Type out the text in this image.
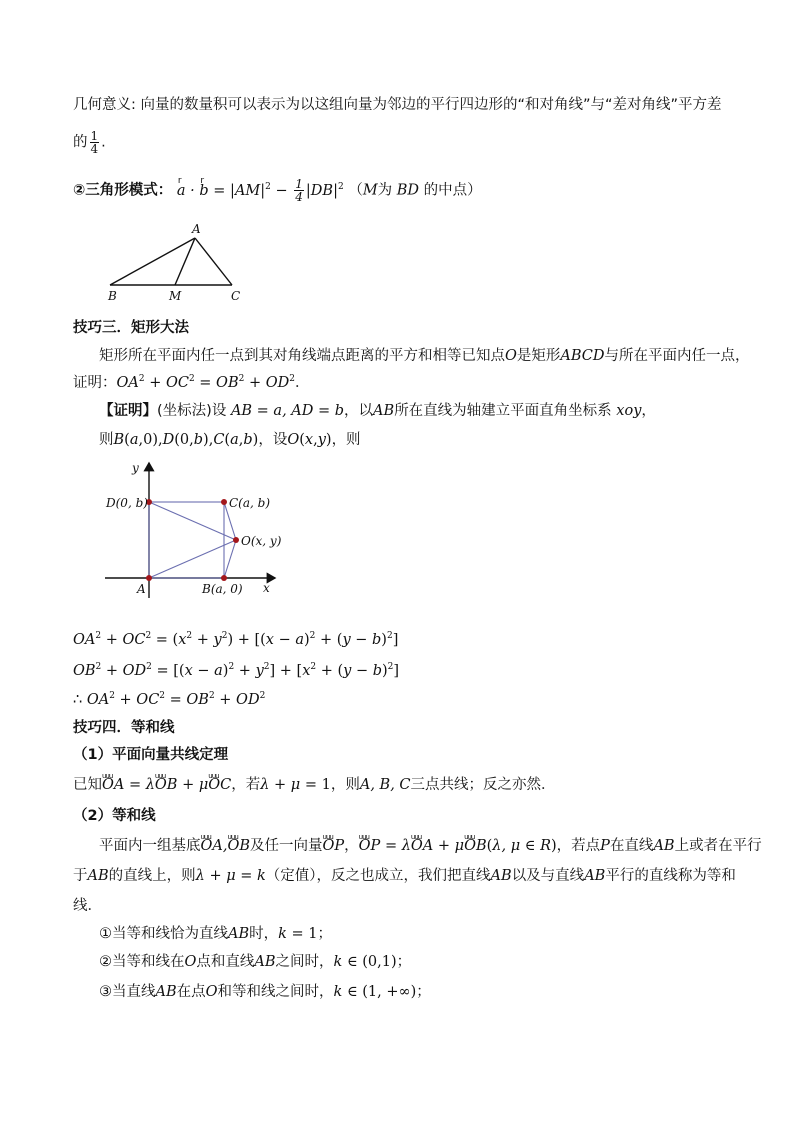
几何意义: 向量的数量积可以表示为以这组向量为邻边的平行四边形的“和对角线”与“差对角线”平方差
的 $\frac{1}{4}$ .
②三角形模式： r a · r $b = |AM|^2 - \frac{1}{4} |DB|^2$ （M为 BD 的中点）
A
B	M	C
技巧三．矩形大法
矩形所在平面内任一点到其对角线端点距离的平方和相等已知点O是矩形ABCD与所在平面内任一点，
证明：$OA^2 + OC^2 = OB^2 + OD^2$．
【证明】(坐标法)设 AB = a, AD = b，以AB所在直线为轴建立平面直角坐标系 xoy，
则B(a,0),D(0,b),C(a,b)，设O(x,y)，则
y
x
D(0, b)	C(a, b)
O(x, y)
A	B(a, 0)
$OA^2 + OC^2 = (x^2 + y^2) + [(x - a)^2 + (y - b)^2]$
$OB^2 + OD^2 = [(x - a)^2 + y^2] + [x^2 + (y - b)^2]$
∴ $OA^2 + OC^2 = OB^2 + OD^2$
技巧四．等和线
（1）平面向量共线定理
已知uuu OA = λuuu OB + μuuu OC，若λ + μ = 1，则A, B, C三点共线；反之亦然．
（2）等和线
平面内一组基底uuu OA,uuu OB及任一向量uuu OP，uuu OP = λuuu OA + μuuu OB(λ, μ ∈ R)，若点P在直线AB上或者在平行
于AB的直线上，则λ + μ = k（定值），反之也成立，我们把直线AB以及与直线AB平行的直线称为等和
线．
①当等和线恰为直线AB时，k = 1；
②当等和线在O点和直线AB之间时，k ∈ (0,1)；
③当直线AB在点O和等和线之间时，k ∈ (1, +∞)；
